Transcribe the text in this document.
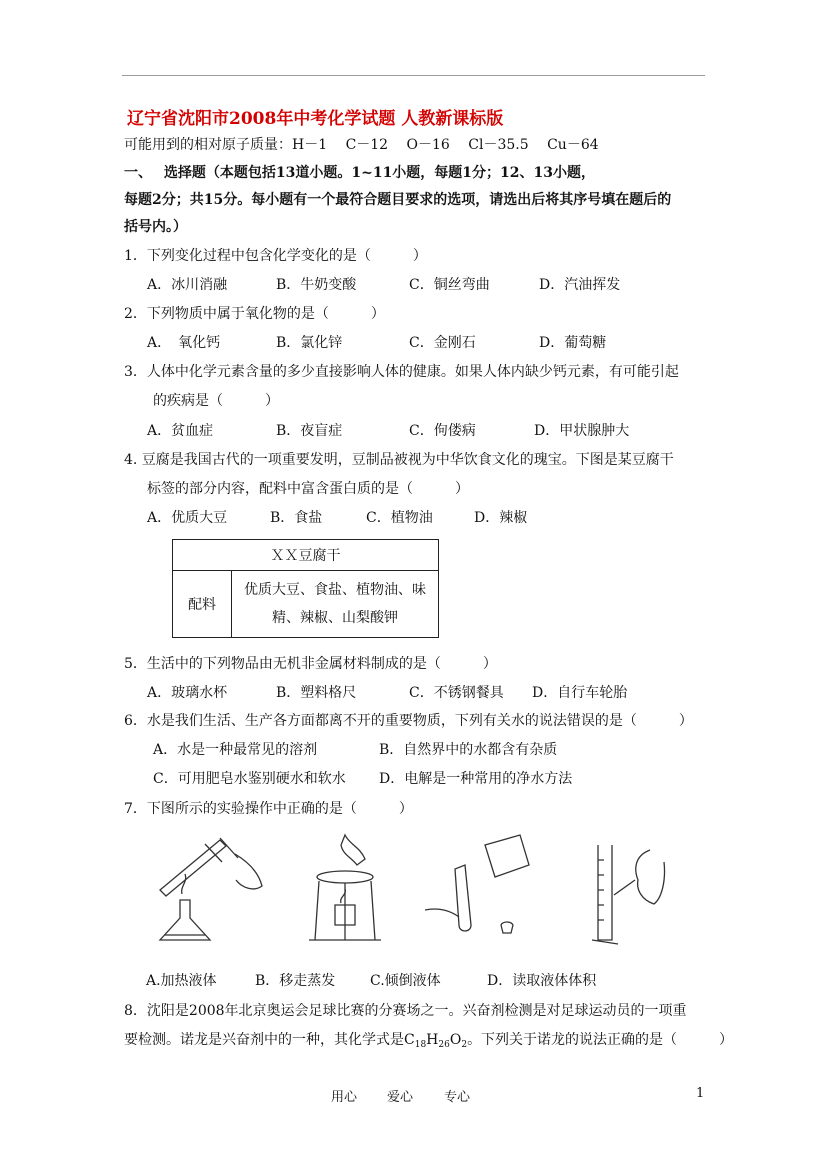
辽宁省沈阳市2008年中考化学试题 人教新课标版
可能用到的相对原子质量：H－1　 C－12　 O－16　 Cl－35.5　 Cu－64
一、　 选择题（本题包括13道小题。1~11小题，每题1分；12、13小题，
每题2分；共15分。每小题有一个最符合题目要求的选项，请选出后将其序号填在题后的
括号内。）
1．下列变化过程中包含化学变化的是（　　　）
A．冰川消融	B．牛奶变酸	C．铜丝弯曲	D．汽油挥发
2．下列物质中属于氧化物的是（　　　）
A．　氧化钙	B．氯化锌	C．金刚石	D．葡萄糖
3．人体中化学元素含量的多少直接影响人体的健康。如果人体内缺少钙元素，有可能引起
的疾病是（　　　）
A．贫血症	B．夜盲症	C．佝偻病	D．甲状腺肿大
4. 豆腐是我国古代的一项重要发明，豆制品被视为中华饮食文化的瑰宝。下图是某豆腐干
标签的部分内容，配料中富含蛋白质的是（　　　）
A．优质大豆	B．食盐	C．植物油	D．辣椒
ＸＸ豆腐干
配料	
优质大豆、食盐、植物油、味
精、辣椒、山梨酸钾
5．生活中的下列物品由无机非金属材料制成的是（　　　）
A．玻璃水杯	B．塑料格尺	C．不锈钢餐具 D．自行车轮胎
6．水是我们生活、生产各方面都离不开的重要物质，下列有关水的说法错误的是（　　　）
A．水是一种最常见的溶剂	B．自然界中的水都含有杂质
C．可用肥皂水鉴别硬水和软水 D．电解是一种常用的净水方法
7．下图所示的实验操作中正确的是（　　　）
A.加热液体	B．移走蒸发 C.倾倒液体	D．读取液体体积
8．沈阳是2008年北京奥运会足球比赛的分赛场之一。兴奋剂检测是对足球运动员的一项重
要检测。诺龙是兴奋剂中的一种，其化学式是$C_{18}H_{26}O_2$。下列关于诺龙的说法正确的是（　　　）
用心 爱心 专心	1
